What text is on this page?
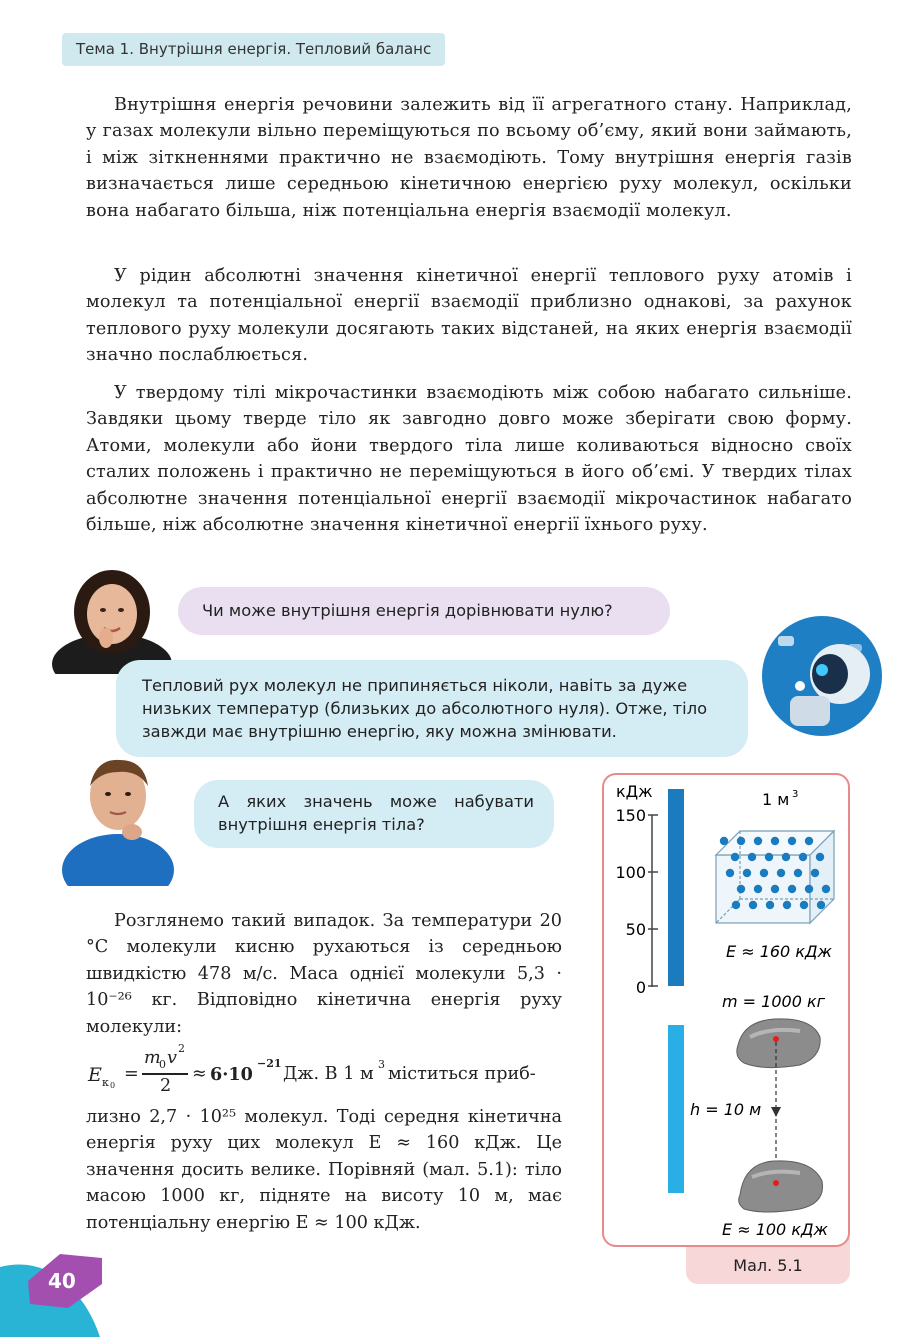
Тема 1. Внутрішня енергія. Тепловий баланс

Внутрішня енергія речовини залежить від її агрегатного стану. Наприклад, у газах молекули вільно переміщуються по всьому об’єму, який вони займають, і між зіткненнями практично не взаємодіють. Тому внутрішня енергія газів визначається лише середньою кінетичною енергією руху молекул, оскільки вона набагато більша, ніж потенціальна енергія взаємодії молекул.

У рідин абсолютні значення кінетичної енергії теплового руху атомів і молекул та потенціальної енергії взаємодії приблизно однакові, за рахунок теплового руху молекули досягають таких відстаней, на яких енергія взаємодії значно послаблюється.

У твердому тілі мікрочастинки взаємодіють між собою набагато сильніше. Завдяки цьому тверде тіло як завгодно довго може зберігати свою форму. Атоми, молекули або йони твердого тіла лише коливаються відносно своїх сталих положень і практично не переміщуються в його об’ємі. У твердих тілах абсолютне значення потенціальної енергії взаємодії мікрочастинок набагато більше, ніж абсолютне значення кінетичної енергії їхнього руху.

Чи може внутрішня енергія дорівнювати нулю?
Тепловий рух молекул не припиняється ніколи, навіть за дуже низьких температур (близьких до абсолютного нуля). Отже, тіло завжди має внутрішню енергію, яку можна змінювати.
А яких значень може набувати внутрішня енергія тіла?

Розглянемо такий випадок. За температури 20 °С молекули кисню рухаються із середньою швидкістю 478 м/с. Маса однієї молекули 5,3 · 10⁻²⁶ кг. Відповідно кінетична енергія руху молекули:

E к 0
=
m
0 v 2
2
≈ 6·10
−21
Дж. В 1 м 3 міститься приб-

лизно 2,7 · 10²⁵ молекул. Тоді середня кінетична енергія руху цих молекул E ≈ 160 кДж. Це значення досить велике. Порівняй (мал. 5.1): тіло масою 1000 кг, підняте на висоту 10 м, має потенціальну енергію E ≈ 100 кДж.

Мал. 5.1
кДж
150
100
50
0
1 м 3
E ≈ 160 кДж
m = 1000 кг
h = 10 м
E ≈ 100 кДж
40
